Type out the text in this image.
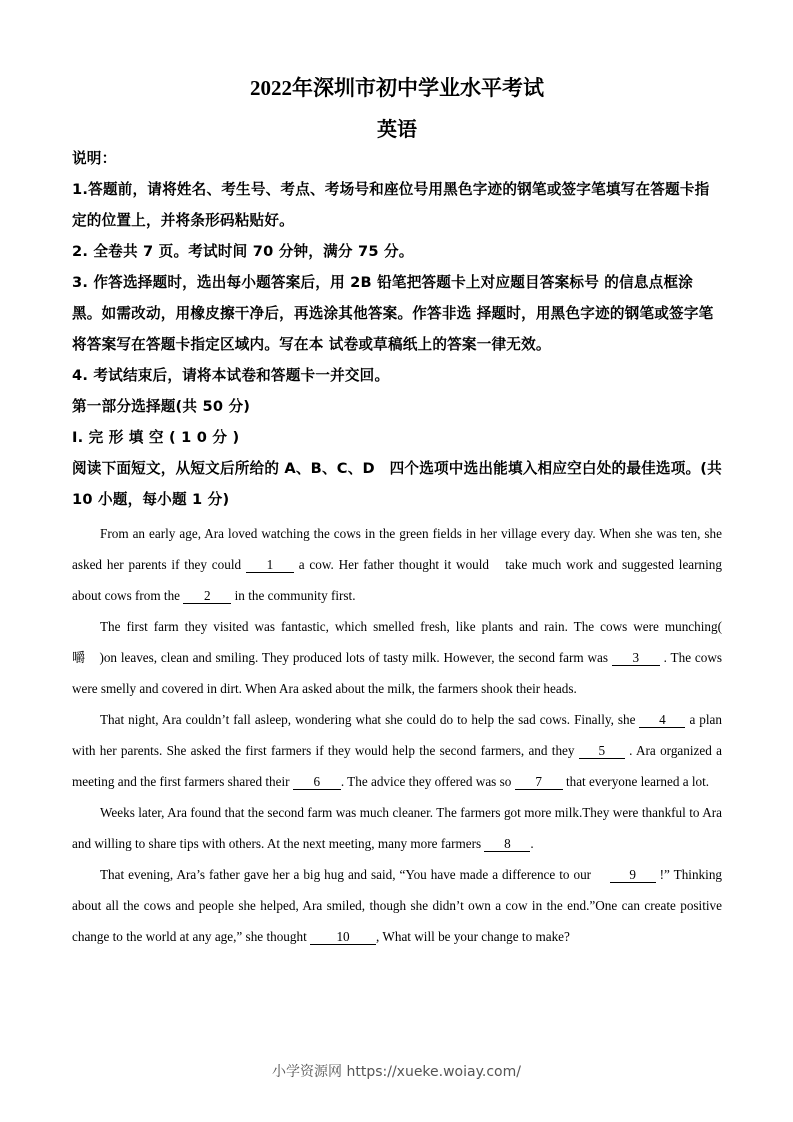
2022年深圳市初中学业水平考试
英语

说明：

1.答题前，请将姓名、考生号、考点、考场号和座位号用黑色字迹的钢笔或签字笔填写在答题卡指定的位置上，并将条形码粘贴好。

2. 全卷共 7 页。考试时间 70 分钟，满分 75 分。

3. 作答选择题时，选出每小题答案后，用 2B 铅笔把答题卡上对应题目答案标号 的信息点框涂黑。如需改动，用橡皮擦干净后，再选涂其他答案。作答非选 择题时，用黑色字迹的钢笔或签字笔将答案写在答题卡指定区域内。写在本 试卷或草稿纸上的答案一律无效。

4. 考试结束后，请将本试卷和答题卡一并交回。

第一部分选择题(共 50 分)

I. 完 形 填 空 ( 1 0 分 )

阅读下面短文，从短文后所给的 A、B、C、D　四个选项中选出能填入相应空白处的最佳选项。(共 10 小题，每小题 1 分)

From an early age, Ara loved watching the cows in the green fields in her village every day. When she was ten, she asked her parents if they could 1 a cow. Her father thought it would　take much work and suggested learning about cows from the 2 in the community first.

The first farm they visited was fantastic, which smelled fresh, like plants and rain. The cows were munching(　嚼　)on leaves, clean and smiling. They produced lots of tasty milk. However, the second farm was 3 . The cows were smelly and covered in dirt. When Ara asked about the milk, the farmers shook their heads.

That night, Ara couldn’t fall asleep, wondering what she could do to help the sad cows. Finally, she 4 a plan with her parents. She asked the first farmers if they would help the second farmers, and they 5 . Ara organized a meeting and the first farmers shared their 6 . The advice they offered was so 7 that everyone learned a lot.

Weeks later, Ara found that the second farm was much cleaner. The farmers got more milk.They were thankful to Ara and willing to share tips with others. At the next meeting, many more farmers 8 .

That evening, Ara’s father gave her a big hug and said, “You have made a difference to our　 9 !” Thinking about all the cows and people she helped, Ara smiled, though she didn’t own a cow in the end.”One can create positive change to the world at any age,” she thought 10 , What will be your change to make?

小学资源网 https://xueke.woiay.com/
